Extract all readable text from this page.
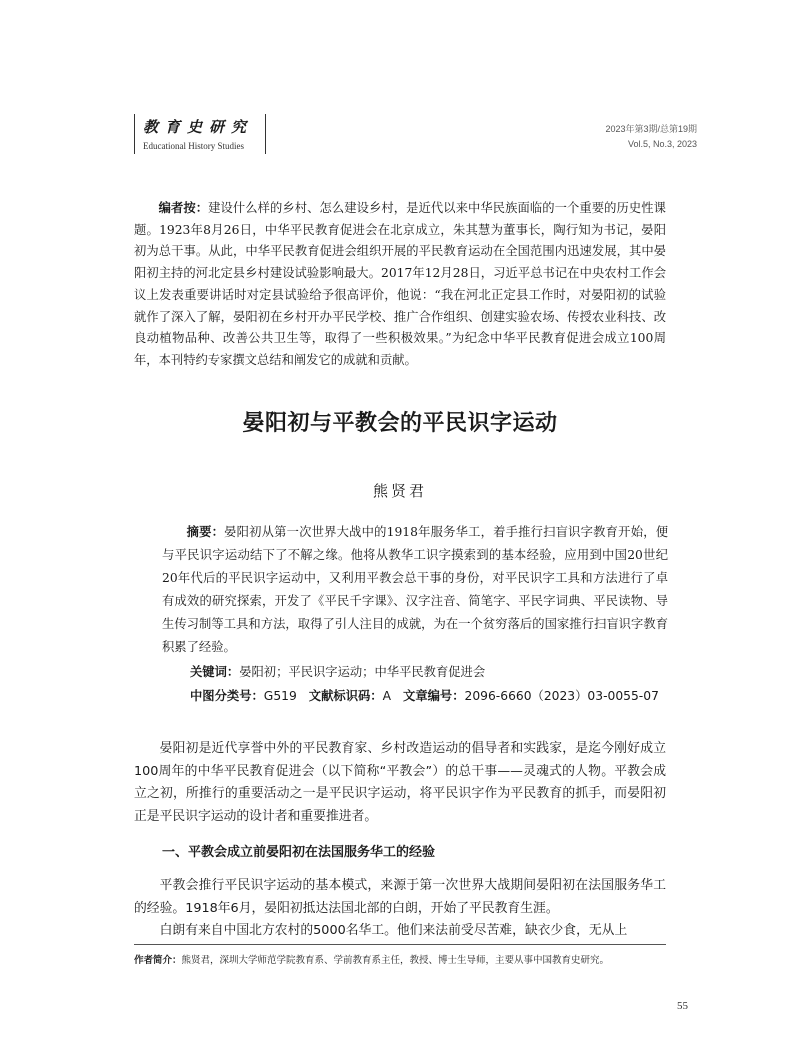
教育史研究
Educational History Studies
2023年第3期/总第19期
Vol.5, No.3, 2023

编者按：建设什么样的乡村、怎么建设乡村，是近代以来中华民族面临的一个重要的历史性课题。1923年8月26日，中华平民教育促进会在北京成立，朱其慧为董事长，陶行知为书记，晏阳初为总干事。从此，中华平民教育促进会组织开展的平民教育运动在全国范围内迅速发展，其中晏阳初主持的河北定县乡村建设试验影响最大。2017年12月28日，习近平总书记在中央农村工作会议上发表重要讲话时对定县试验给予很高评价，他说：“我在河北正定县工作时，对晏阳初的试验就作了深入了解，晏阳初在乡村开办平民学校、推广合作组织、创建实验农场、传授农业科技、改良动植物品种、改善公共卫生等，取得了一些积极效果。”为纪念中华平民教育促进会成立100周年，本刊特约专家撰文总结和阐发它的成就和贡献。

晏阳初与平教会的平民识字运动
熊贤君

摘要：晏阳初从第一次世界大战中的1918年服务华工，着手推行扫盲识字教育开始，便与平民识字运动结下了不解之缘。他将从教华工识字摸索到的基本经验，应用到中国20世纪20年代后的平民识字运动中，又利用平教会总干事的身份，对平民识字工具和方法进行了卓有成效的研究探索，开发了《平民千字课》、汉字注音、简笔字、平民字词典、平民读物、导生传习制等工具和方法，取得了引人注目的成就，为在一个贫穷落后的国家推行扫盲识字教育积累了经验。

关键词：晏阳初；平民识字运动；中华平民教育促进会
中图分类号：G519 文献标识码：A 文章编号：2096-6660（2023）03-0055-07

晏阳初是近代享誉中外的平民教育家、乡村改造运动的倡导者和实践家，是迄今刚好成立100周年的中华平民教育促进会（以下简称“平教会”）的总干事——灵魂式的人物。平教会成立之初，所推行的重要活动之一是平民识字运动，将平民识字作为平民教育的抓手，而晏阳初正是平民识字运动的设计者和重要推进者。

一、平教会成立前晏阳初在法国服务华工的经验

平教会推行平民识字运动的基本模式，来源于第一次世界大战期间晏阳初在法国服务华工的经验。1918年6月，晏阳初抵达法国北部的白朗，开始了平民教育生涯。

白朗有来自中国北方农村的5000名华工。他们来法前受尽苦难，缺衣少食，无从上

作者简介：熊贤君，深圳大学师范学院教育系、学前教育系主任，教授、博士生导师，主要从事中国教育史研究。
55
